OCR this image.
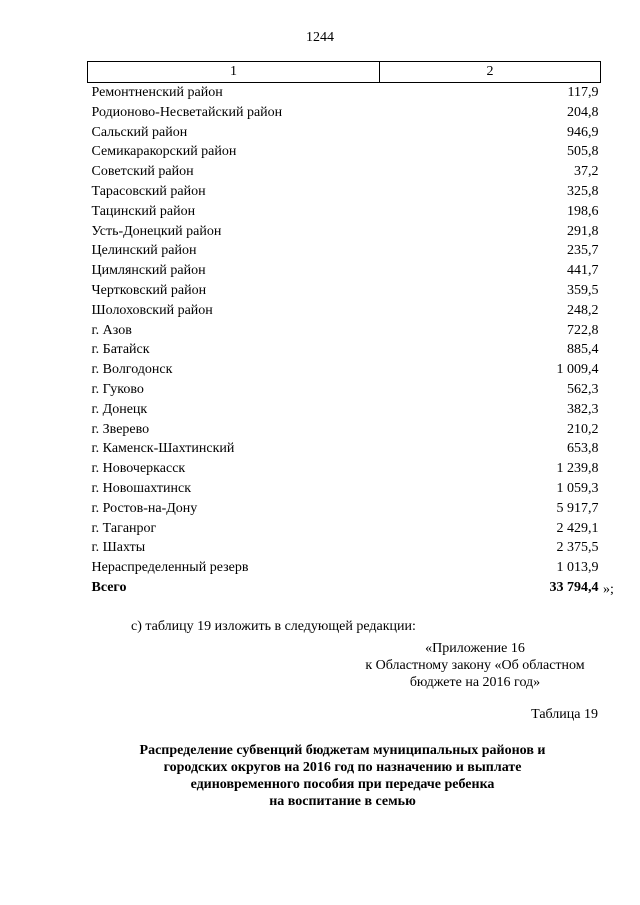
1244
1	2
Ремонтненский район	117,9
Родионово-Несветайский район	204,8
Сальский район	946,9
Семикаракорский район	505,8
Советский район	37,2
Тарасовский район	325,8
Тацинский район	198,6
Усть-Донецкий район	291,8
Целинский район	235,7
Цимлянский район	441,7
Чертковский район	359,5
Шолоховский район	248,2
г. Азов	722,8
г. Батайск	885,4
г. Волгодонск	1 009,4
г. Гуково	562,3
г. Донецк	382,3
г. Зверево	210,2
г. Каменск-Шахтинский	653,8
г. Новочеркасск	1 239,8
г. Новошахтинск	1 059,3
г. Ростов-на-Дону	5 917,7
г. Таганрог	2 429,1
г. Шахты	2 375,5
Нераспределенный резерв	1 013,9
Всего	33 794,4 »;
с) таблицу 19 изложить в следующей редакции:
«Приложение 16
к Областному закону «Об областном
бюджете на 2016 год»
Таблица 19
Распределение субвенций бюджетам муниципальных районов и
городских округов на 2016 год по назначению и выплате
единовременного пособия при передаче ребенка
на воспитание в семью
